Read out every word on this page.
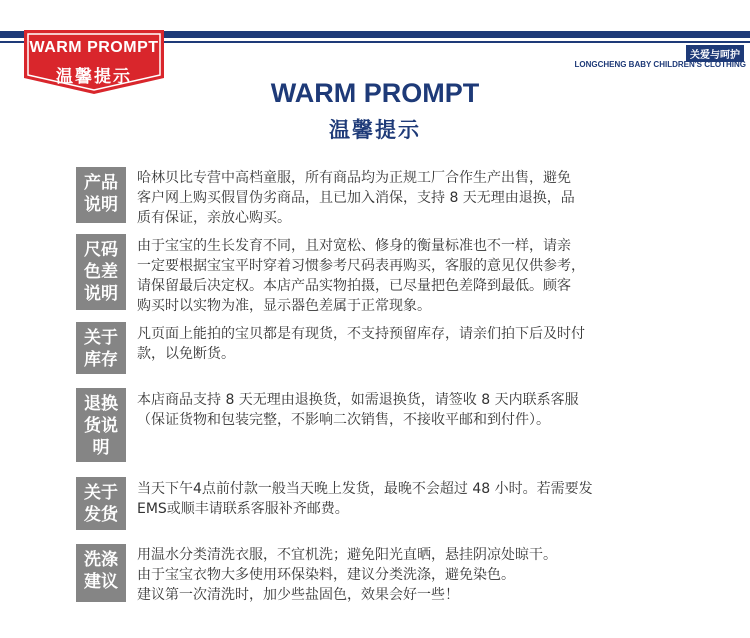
WARM PROMPT
温馨提示
关爱与呵护
LONGCHENG BABY CHILDREN'S CLOTHING
WARM PROMPT
温馨提示
产品
说明
哈林贝比专营中高档童服，所有商品均为正规工厂合作生产出售，避免
客户网上购买假冒伪劣商品，且已加入消保，支持 8 天无理由退换，品
质有保证，亲放心购买。
尺码
色差
说明
由于宝宝的生长发育不同，且对宽松、修身的衡量标准也不一样，请亲
一定要根据宝宝平时穿着习惯参考尺码表再购买，客服的意见仅供参考，
请保留最后决定权。本店产品实物拍摄，已尽量把色差降到最低。顾客
购买时以实物为准，显示器色差属于正常现象。
关于
库存
凡页面上能拍的宝贝都是有现货，不支持预留库存，请亲们拍下后及时付
款，以免断货。
退换
货说
明
本店商品支持 8 天无理由退换货，如需退换货，请签收 8 天内联系客服
（保证货物和包装完整，不影响二次销售，不接收平邮和到付件）。
关于
发货
当天下午4点前付款一般当天晚上发货，最晚不会超过 48 小时。若需要发
EMS或顺丰请联系客服补齐邮费。
洗涤
建议
用温水分类清洗衣服，不宜机洗；避免阳光直晒，悬挂阴凉处晾干。
由于宝宝衣物大多使用环保染料，建议分类洗涤，避免染色。
建议第一次清洗时，加少些盐固色，效果会好一些！
